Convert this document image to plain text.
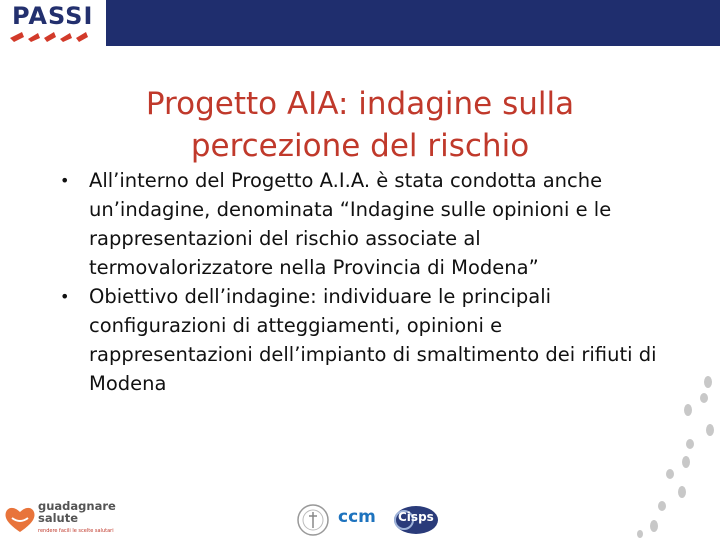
PASSI
Progetto AIA: indagine sulla
percezione del rischio
• All’interno del Progetto A.I.A. è stata condotta anche un’indagine, denominata “Indagine sulle opinioni e le rappresentazioni del rischio associate al termovalorizzatore nella Provincia di Modena”
• Obiettivo dell’indagine: individuare le principali configurazioni di atteggiamenti, opinioni e rappresentazioni dell’impianto di smaltimento dei rifiuti di Modena
guadagnare
salute
rendere facili le scelte salutari
ccm Cisps
